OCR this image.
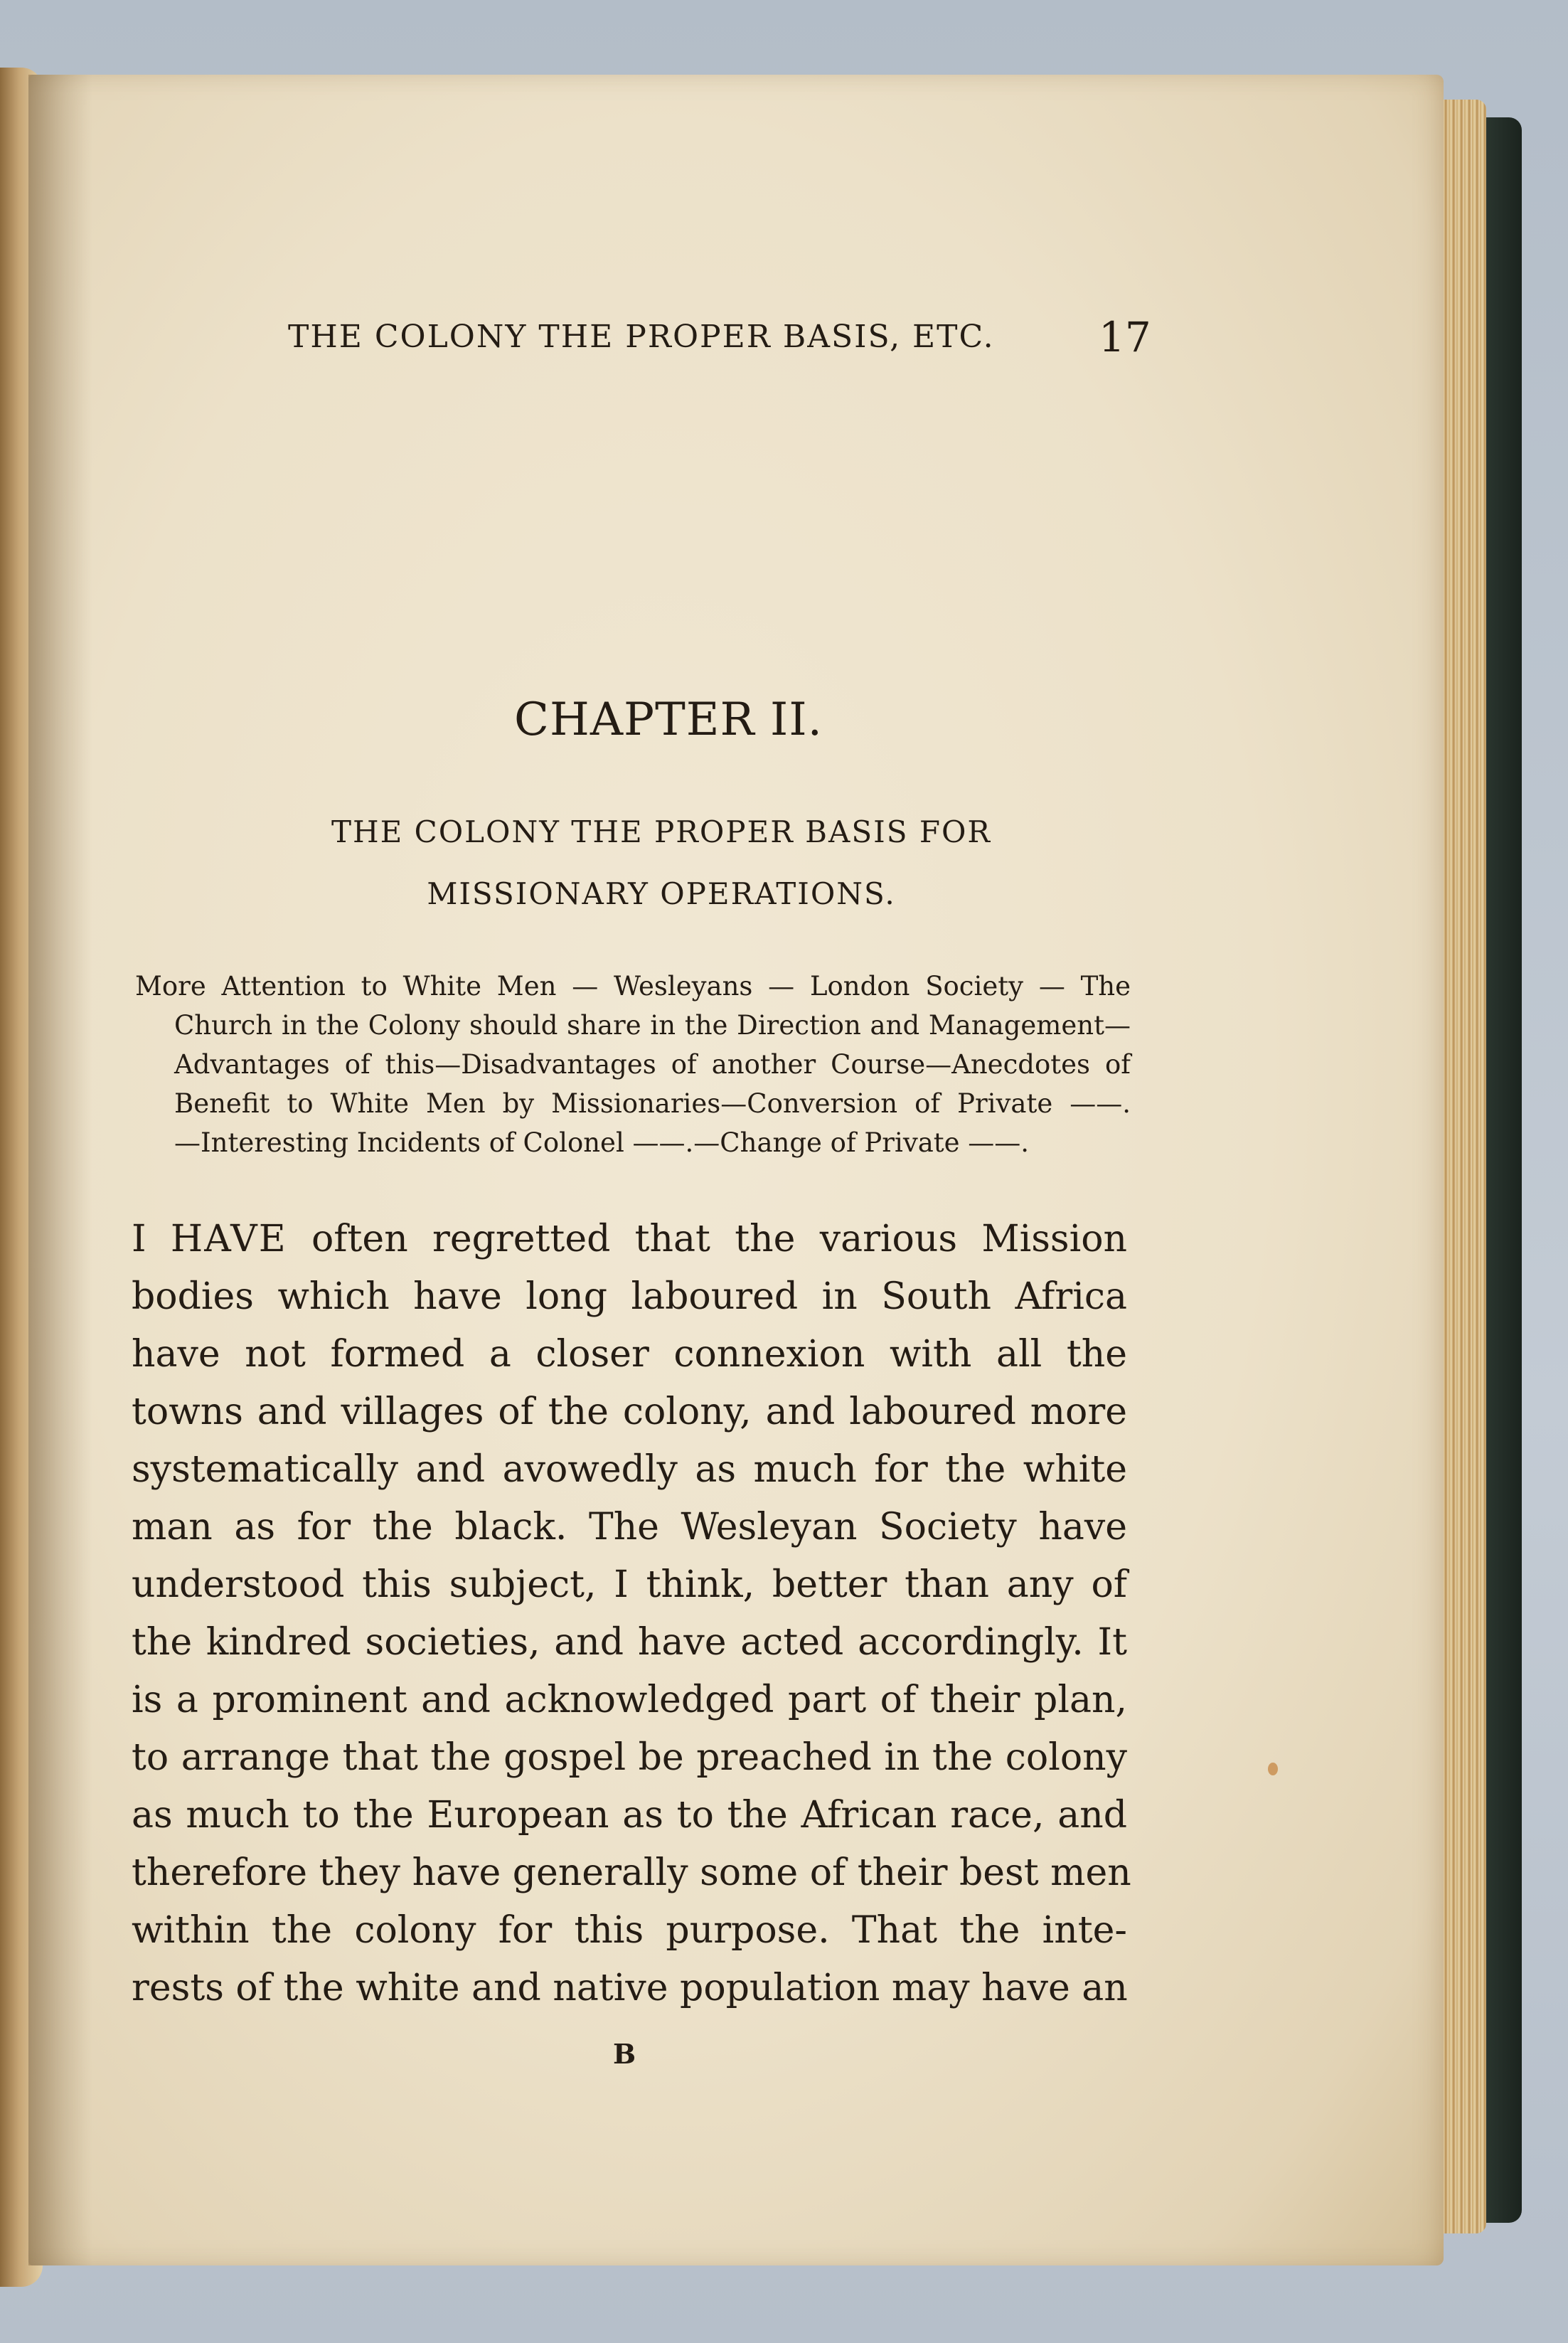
THE COLONY THE PROPER BASIS, ETC.	17
CHAPTER II.
THE COLONY THE PROPER BASIS FOR
MISSIONARY OPERATIONS.
More Attention to White Men — Wesleyans — London Society — The
Church in the Colony should share in the Direction and Management—
Advantages of this—Disadvantages of another Course—Anecdotes of
Benefit to White Men by Missionaries—Conversion of Private ——.
—Interesting Incidents of Colonel ——.—Change of Private ——.
I HAVE often regretted that the various Mission
bodies which have long laboured in South Africa
have not formed a closer connexion with all the
towns and villages of the colony, and laboured more
systematically and avowedly as much for the white
man as for the black. The Wesleyan Society have
understood this subject, I think, better than any of
the kindred societies, and have acted accordingly. It
is a prominent and acknowledged part of their plan,
to arrange that the gospel be preached in the colony
as much to the European as to the African race, and
therefore they have generally some of their best men
within the colony for this purpose. That the inte-
rests of the white and native population may have an
B
